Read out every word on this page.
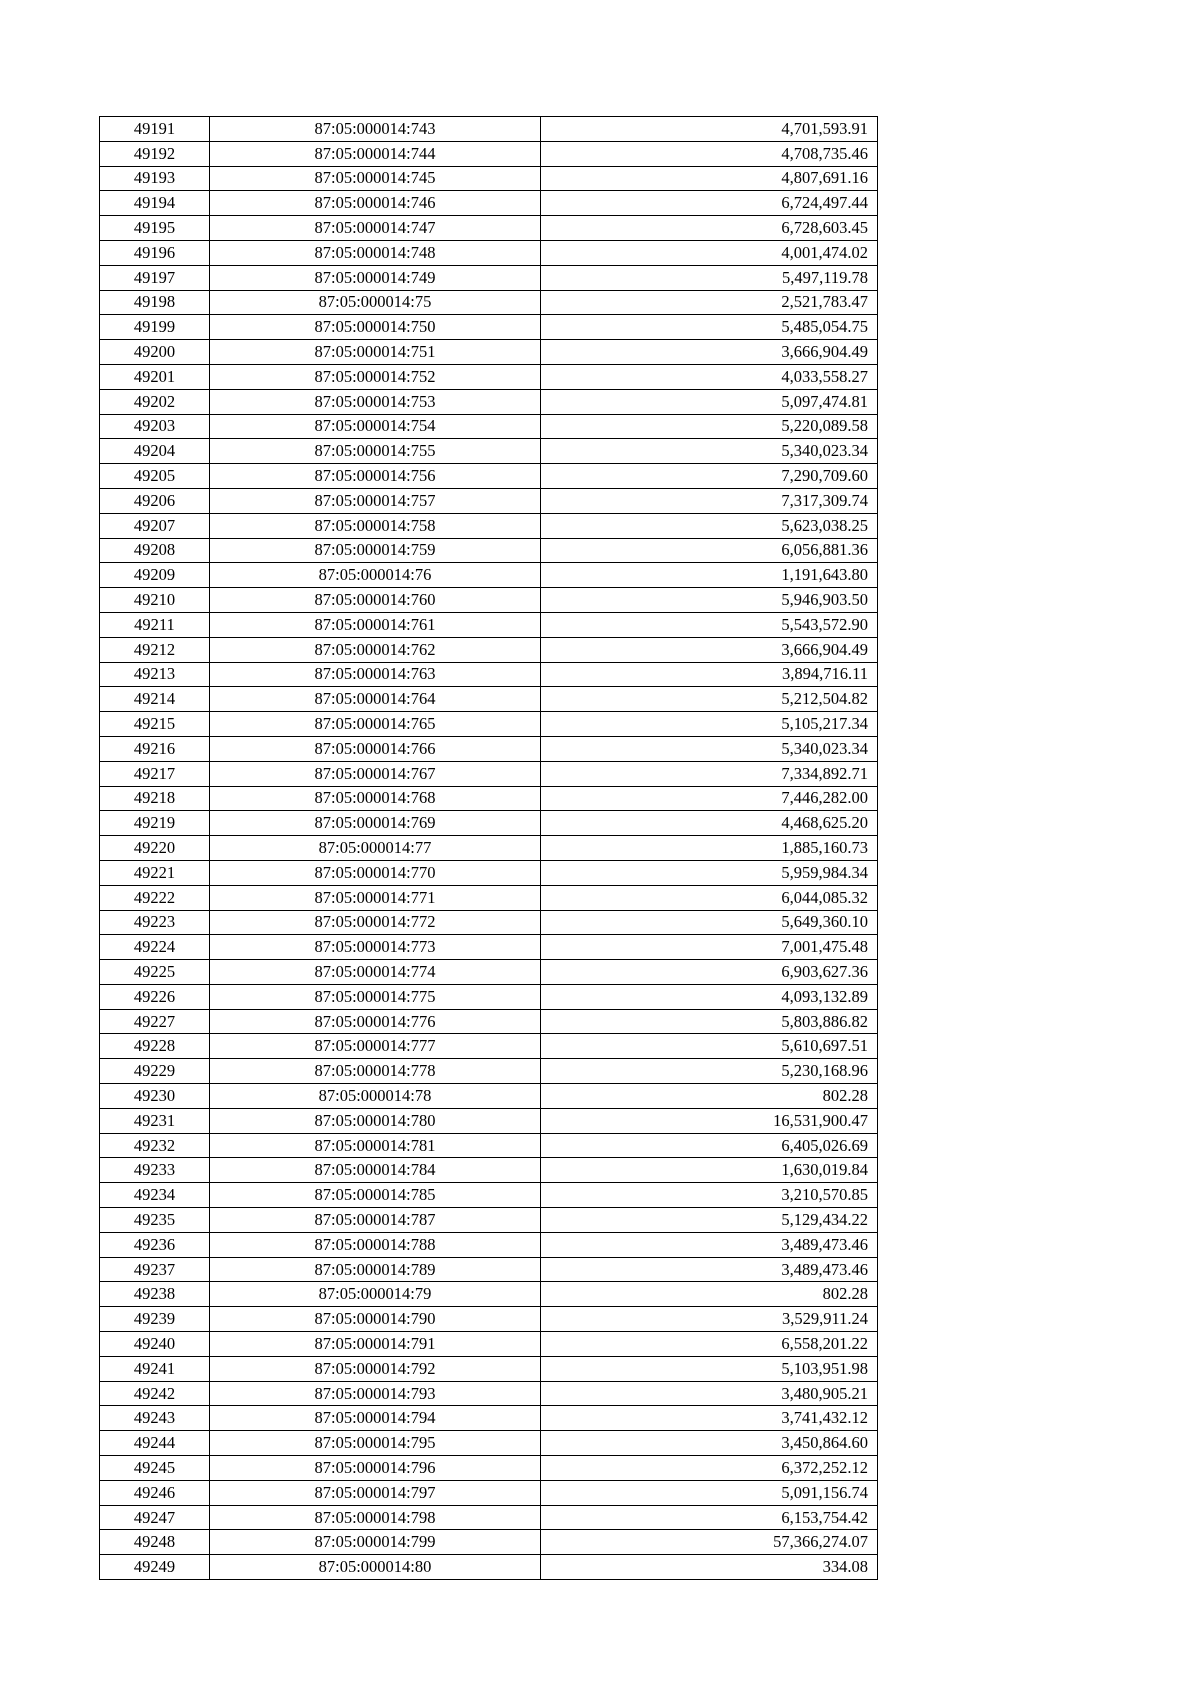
49191	87:05:000014:743	4,701,593.91
49192	87:05:000014:744	4,708,735.46
49193	87:05:000014:745	4,807,691.16
49194	87:05:000014:746	6,724,497.44
49195	87:05:000014:747	6,728,603.45
49196	87:05:000014:748	4,001,474.02
49197	87:05:000014:749	5,497,119.78
49198	87:05:000014:75	2,521,783.47
49199	87:05:000014:750	5,485,054.75
49200	87:05:000014:751	3,666,904.49
49201	87:05:000014:752	4,033,558.27
49202	87:05:000014:753	5,097,474.81
49203	87:05:000014:754	5,220,089.58
49204	87:05:000014:755	5,340,023.34
49205	87:05:000014:756	7,290,709.60
49206	87:05:000014:757	7,317,309.74
49207	87:05:000014:758	5,623,038.25
49208	87:05:000014:759	6,056,881.36
49209	87:05:000014:76	1,191,643.80
49210	87:05:000014:760	5,946,903.50
49211	87:05:000014:761	5,543,572.90
49212	87:05:000014:762	3,666,904.49
49213	87:05:000014:763	3,894,716.11
49214	87:05:000014:764	5,212,504.82
49215	87:05:000014:765	5,105,217.34
49216	87:05:000014:766	5,340,023.34
49217	87:05:000014:767	7,334,892.71
49218	87:05:000014:768	7,446,282.00
49219	87:05:000014:769	4,468,625.20
49220	87:05:000014:77	1,885,160.73
49221	87:05:000014:770	5,959,984.34
49222	87:05:000014:771	6,044,085.32
49223	87:05:000014:772	5,649,360.10
49224	87:05:000014:773	7,001,475.48
49225	87:05:000014:774	6,903,627.36
49226	87:05:000014:775	4,093,132.89
49227	87:05:000014:776	5,803,886.82
49228	87:05:000014:777	5,610,697.51
49229	87:05:000014:778	5,230,168.96
49230	87:05:000014:78	802.28
49231	87:05:000014:780	16,531,900.47
49232	87:05:000014:781	6,405,026.69
49233	87:05:000014:784	1,630,019.84
49234	87:05:000014:785	3,210,570.85
49235	87:05:000014:787	5,129,434.22
49236	87:05:000014:788	3,489,473.46
49237	87:05:000014:789	3,489,473.46
49238	87:05:000014:79	802.28
49239	87:05:000014:790	3,529,911.24
49240	87:05:000014:791	6,558,201.22
49241	87:05:000014:792	5,103,951.98
49242	87:05:000014:793	3,480,905.21
49243	87:05:000014:794	3,741,432.12
49244	87:05:000014:795	3,450,864.60
49245	87:05:000014:796	6,372,252.12
49246	87:05:000014:797	5,091,156.74
49247	87:05:000014:798	6,153,754.42
49248	87:05:000014:799	57,366,274.07
49249	87:05:000014:80	334.08
